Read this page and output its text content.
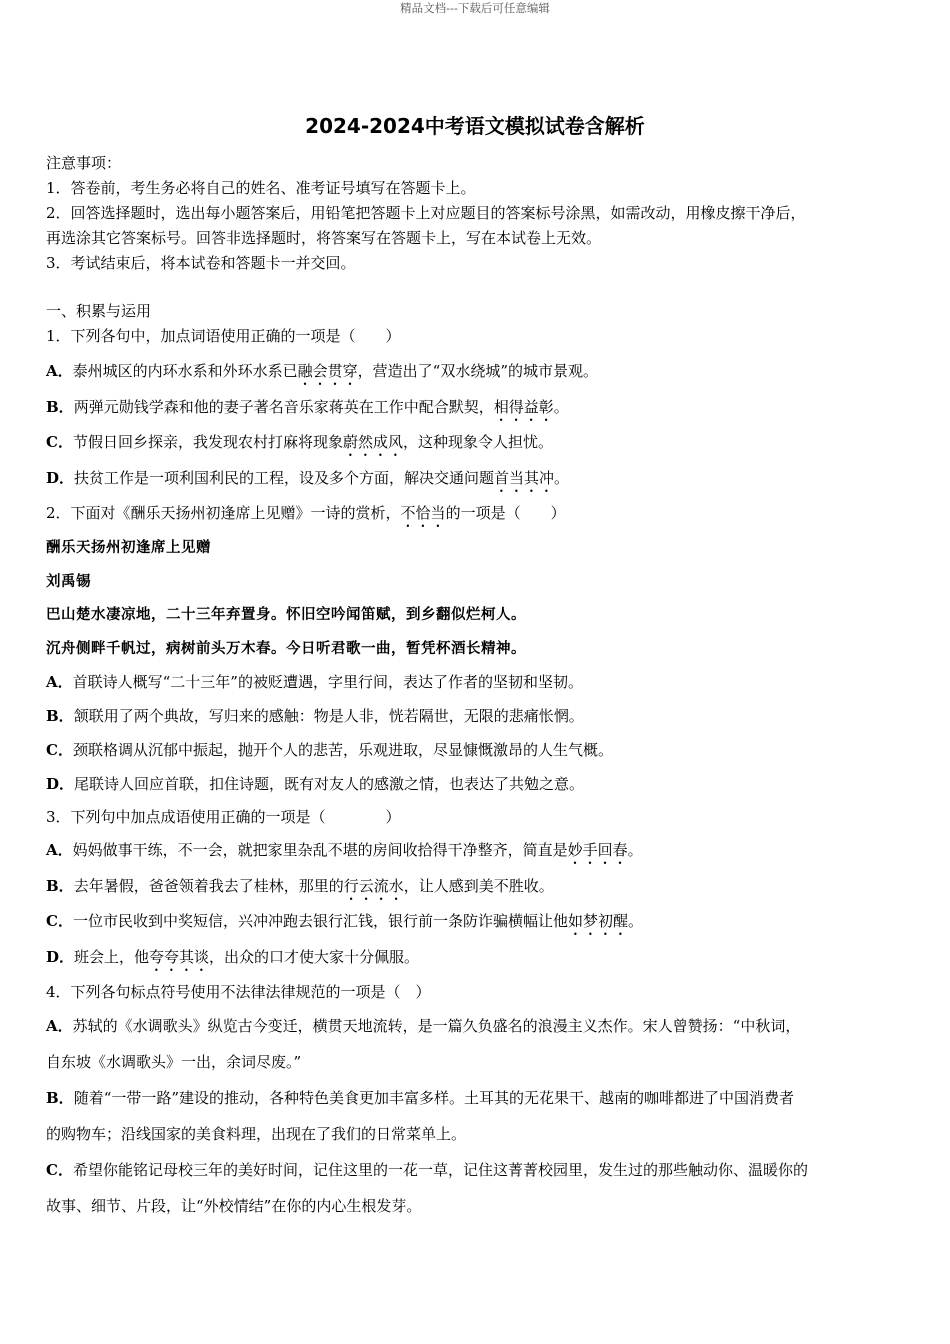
精品文档---下载后可任意编辑
2024-2024中考语文模拟试卷含解析
注意事项：
1．答卷前，考生务必将自己的姓名、准考证号填写在答题卡上。
2．回答选择题时，选出每小题答案后，用铅笔把答题卡上对应题目的答案标号涂黑，如需改动，用橡皮擦干净后，
再选涂其它答案标号。回答非选择题时，将答案写在答题卡上，写在本试卷上无效。
3．考试结束后，将本试卷和答题卡一并交回。
一、积累与运用
1．下列各句中，加点词语使用正确的一项是（　　）
A．泰州城区的内环水系和外环水系已融会贯穿，营造出了“双水绕城”的城市景观。
B．两弹元勋钱学森和他的妻子著名音乐家蒋英在工作中配合默契，相得益彰。
C．节假日回乡探亲，我发现农村打麻将现象蔚然成风，这种现象令人担忧。
D．扶贫工作是一项利国利民的工程，设及多个方面，解决交通问题首当其冲。
2．下面对《酬乐天扬州初逢席上见赠》一诗的赏析，不恰当的一项是（　　）
酬乐天扬州初逢席上见赠
刘禹锡
巴山楚水凄凉地，二十三年弃置身。怀旧空吟闻笛赋，到乡翻似烂柯人。
沉舟侧畔千帆过，病树前头万木春。今日听君歌一曲，暂凭杯酒长精神。
A．首联诗人概写“二十三年”的被贬遭遇，字里行间，表达了作者的坚韧和坚韧。
B．颔联用了两个典故，写归来的感触：物是人非，恍若隔世，无限的悲痛怅惘。
C．颈联格调从沉郁中振起，抛开个人的悲苦，乐观进取，尽显慷慨激昂的人生气概。
D．尾联诗人回应首联，扣住诗题，既有对友人的感激之情，也表达了共勉之意。
3．下列句中加点成语使用正确的一项是（　　　　）
A．妈妈做事干练，不一会，就把家里杂乱不堪的房间收拾得干净整齐，简直是妙手回春。
B．去年暑假，爸爸领着我去了桂林，那里的行云流水，让人感到美不胜收。
C．一位市民收到中奖短信，兴冲冲跑去银行汇钱，银行前一条防诈骗横幅让他如梦初醒。
D．班会上，他夸夸其谈，出众的口才使大家十分佩服。
4．下列各句标点符号使用不法律法律规范的一项是（　）
A．苏轼的《水调歌头》纵览古今变迁，横贯天地流转，是一篇久负盛名的浪漫主义杰作。宋人曾赞扬：“中秋词，
自东坡《水调歌头》一出，余词尽废。”
B．随着“一带一路”建设的推动，各种特色美食更加丰富多样。土耳其的无花果干、越南的咖啡都进了中国消费者
的购物车；沿线国家的美食料理，出现在了我们的日常菜单上。
C．希望你能铭记母校三年的美好时间，记住这里的一花一草，记住这菁菁校园里，发生过的那些触动你、温暖你的
故事、细节、片段，让“外校情结”在你的内心生根发芽。
